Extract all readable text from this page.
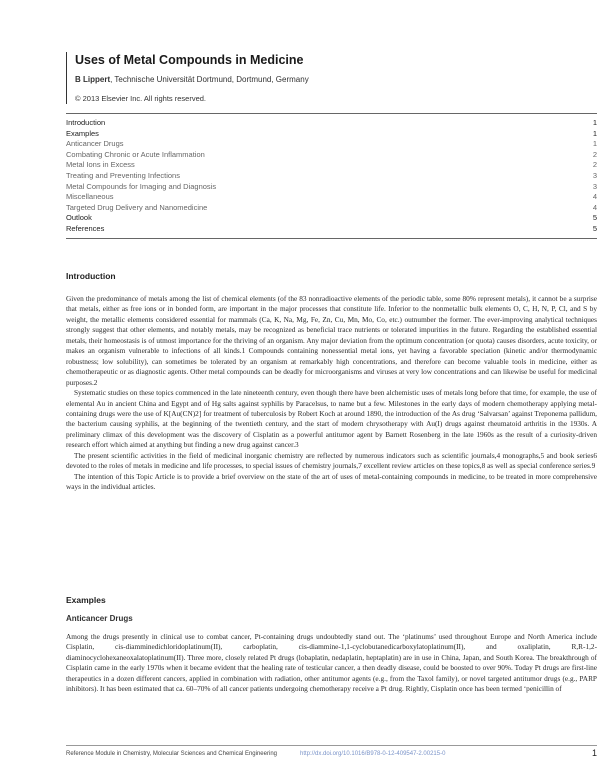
Uses of Metal Compounds in Medicine
B Lippert, Technische Universität Dortmund, Dortmund, Germany
© 2013 Elsevier Inc. All rights reserved.
Introduction	1
Examples	1
Anticancer Drugs	1
Combating Chronic or Acute Inflammation	2
Metal Ions in Excess	2
Treating and Preventing Infections	3
Metal Compounds for Imaging and Diagnosis	3
Miscellaneous	4
Targeted Drug Delivery and Nanomedicine	4
Outlook	5
References	5
Introduction

Given the predominance of metals among the list of chemical elements (of the 83 nonradioactive elements of the periodic table, some 80% represent metals), it cannot be a surprise that metals, either as free ions or in bonded form, are important in the major processes that constitute life. Inferior to the nonmetallic bulk elements O, C, H, N, P, Cl, and S by weight, the metallic elements considered essential for mammals (Ca, K, Na, Mg, Fe, Zn, Cu, Mn, Mo, Co, etc.) outnumber the former. The ever-improving analytical techniques strongly suggest that other elements, and notably metals, may be recognized as beneficial trace nutrients or tolerated impurities in the future. Regarding the established essential metals, their homeostasis is of utmost importance for the thriving of an organism. Any major deviation from the optimum concentration (or quota) causes disorders, acute toxicity, or makes an organism vulnerable to infections of all kinds.1 Compounds containing nonessential metal ions, yet having a favorable speciation (kinetic and/or thermodynamic robustness; low solubility), can sometimes be tolerated by an organism at remarkably high concentrations, and therefore can become valuable tools in medicine, either as chemotherapeutic or as diagnostic agents. Other metal compounds can be deadly for microorganisms and viruses at very low concentrations and can likewise be useful for medicinal purposes.2

Systematic studies on these topics commenced in the late nineteenth century, even though there have been alchemistic uses of metals long before that time, for example, the use of elemental Au in ancient China and Egypt and of Hg salts against syphilis by Paracelsus, to name but a few. Milestones in the early days of modern chemotherapy applying metal-containing drugs were the use of K[Au(CN)2] for treatment of tuberculosis by Robert Koch at around 1890, the introduction of the As drug ‘Salvarsan’ against Treponema pallidum, the bacterium causing syphilis, at the beginning of the twentieth century, and the start of modern chrysotherapy with Au(I) drugs against rheumatoid arthritis in the 1930s. A preliminary climax of this development was the discovery of Cisplatin as a powerful antitumor agent by Barnett Rosenberg in the late 1960s as the result of a curiosity-driven research effort which aimed at anything but finding a new drug against cancer.3

The present scientific activities in the field of medicinal inorganic chemistry are reflected by numerous indicators such as scientific journals,4 monographs,5 and book series6 devoted to the roles of metals in medicine and life processes, to special issues of chemistry journals,7 excellent review articles on these topics,8 as well as special conference series.9

The intention of this Topic Article is to provide a brief overview on the state of the art of uses of metal-containing compounds in medicine, to be treated in more comprehensive ways in the individual articles.

Examples
Anticancer Drugs

Among the drugs presently in clinical use to combat cancer, Pt-containing drugs undoubtedly stand out. The ‘platinums’ used throughout Europe and North America include Cisplatin, cis-diamminedichloridoplatinum(II), carboplatin, cis-diammine-1,1-cyclobutanedicarboxylatoplatinum(II), and oxaliplatin, R,R-1,2-diaminocyclohexaneoxalatoplatinum(II). Three more, closely related Pt drugs (lobaplatin, nedaplatin, heptaplatin) are in use in China, Japan, and South Korea. The breakthrough of Cisplatin came in the early 1970s when it became evident that the healing rate of testicular cancer, a then deadly disease, could be boosted to over 90%. Today Pt drugs are first-line therapeutics in a dozen different cancers, applied in combination with radiation, other antitumor agents (e.g., from the Taxol family), or novel targeted antitumor drugs (e.g., PARP inhibitors). It has been estimated that ca. 60–70% of all cancer patients undergoing chemotherapy receive a Pt drug. Rightly, Cisplatin once has been termed ‘penicillin of

Reference Module in Chemistry, Molecular Sciences and Chemical Engineering	http://dx.doi.org/10.1016/B978-0-12-409547-2.00215-0	1
